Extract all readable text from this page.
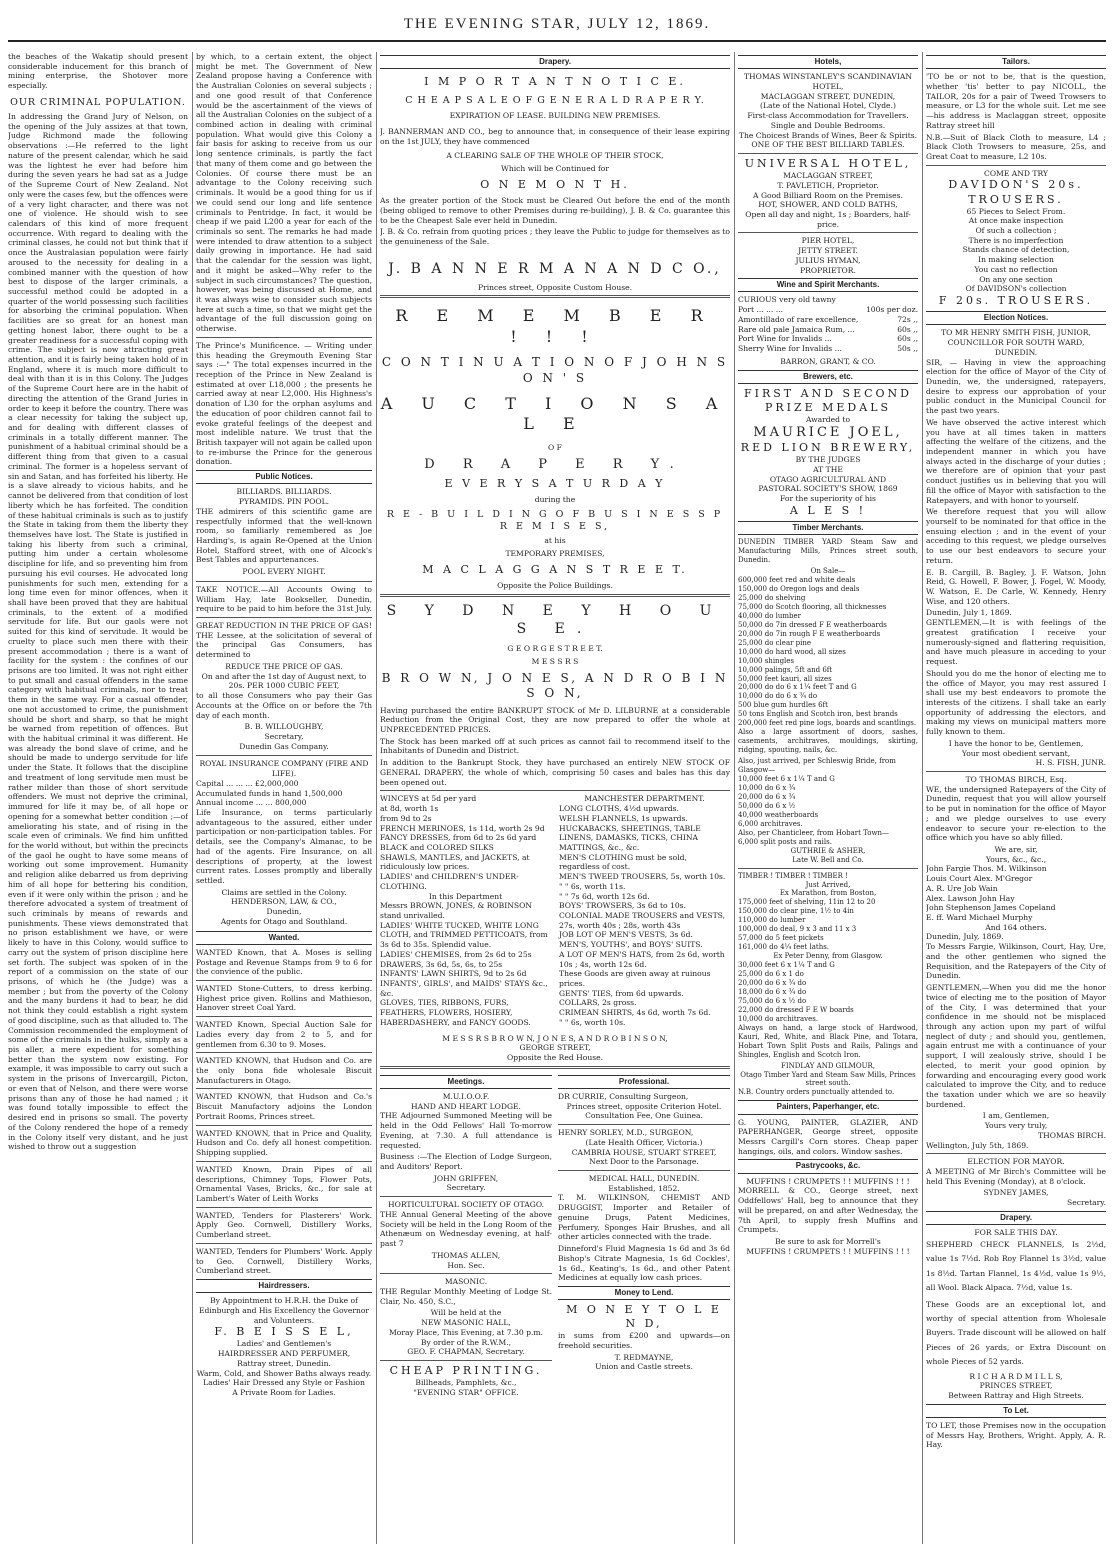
THE EVENING STAR, JULY 12, 1869.

the beaches of the Wakatip should present considerable inducement for this branch of mining enterprise, the Shotover more especially.

OUR CRIMINAL POPULATION.

In addressing the Grand Jury of Nelson, on the opening of the July assizes at that town, Judge Richmond made the following observations :—He referred to the light nature of the present calendar, which he said was the lightest he ever had before him during the seven years he had sat as a Judge of the Supreme Court of New Zealand. Not only were the cases few, but the offences were of a very light character, and there was not one of violence. He should wish to see calendars of this kind of more frequent occurrence. With regard to dealing with the criminal classes, he could not but think that if once the Australasian population were fairly aroused to the necessity for dealing in a combined manner with the question of how best to dispose of the larger criminals, a successful method could be adopted in a quarter of the world possessing such facilities for absorbing the criminal population. When facilities are so great for an honest man getting honest labor, there ought to be a greater readiness for a successful coping with crime. The subject is now attracting great attention, and it is fairly being taken hold of in England, where it is much more difficult to deal with than it is in this Colony. The Judges of the Supreme Court here are in the habit of directing the attention of the Grand Juries in order to keep it before the country. There was a clear necessity for taking the subject up, and for dealing with different classes of criminals in a totally different manner. The punishment of a habitual criminal should be a different thing from that given to a casual criminal. The former is a hopeless servant of sin and Satan, and has forfeited his liberty. He is a slave already to vicious habits, and he cannot be delivered from that condition of lost liberty which he has forfeited. The condition of these habitual criminals is such as to justify the State in taking from them the liberty they themselves have lost. The State is justified in taking his liberty from such a criminal, putting him under a certain wholesome discipline for life, and so preventing him from pursuing his evil courses. He advocated long punishments for such men, extending for a long time even for minor offences, when it shall have been proved that they are habitual criminals, to the extent of a modified servitude for life. But our gaols were not suited for this kind of servitude. It would be cruelty to place such men there with their present accommodation ; there is a want of facility for the system : the confines of our prisons are too limited. It was not right either to put small and casual offenders in the same category with habitual criminals, nor to treat them in the same way. For a casual offender, one not accustomed to crime, the punishment should be short and sharp, so that he might be warned from repetition of offences. But with the habitual criminal it was different. He was already the bond slave of crime, and he should be made to undergo servitude for life under the State. It follows that the discipline and treatment of long servitude men must be rather milder than those of short servitude offenders. We must not deprive the criminal, immured for life it may be, of all hope or opening for a somewhat better condition ;—of ameliorating his state, and of rising in the scale even of criminals. We find him unfitted for the world without, but within the precincts of the gaol he ought to have some means of working out some improvement. Humanity and religion alike debarred us from depriving him of all hope for bettering his condition, even if it were only within the prison ; and he therefore advocated a system of treatment of such criminals by means of rewards and punishments. These views demonstrated that no prison establishment we have, or were likely to have in this Colony, would suffice to carry out the system of prison discipline here set forth. The subject was spoken of in the report of a commission on the state of our prisons, of which he (the Judge) was a member ; but from the poverty of the Colony and the many burdens it had to bear, he did not think they could establish a right system of good discipline, such as that alluded to. The Commission recommended the employment of some of the criminals in the hulks, simply as a pis aller, a mere expedient for something better than the system now existing. For example, it was impossible to carry out such a system in the prisons of Invercargill, Picton, or even that of Nelson, and there were worse prisons than any of those he had named ; it was found totally impossible to effect the desired end in prisons so small. The poverty of the Colony rendered the hope of a remedy in the Colony itself very distant, and he just wished to throw out a suggestion

by which, to a certain extent, the object might be met. The Government of New Zealand propose having a Conference with the Australian Colonies on several subjects ; and one good result of that Conference would be the ascertainment of the views of all the Australian Colonies on the subject of a combined action in dealing with criminal population. What would give this Colony a fair basis for asking to receive from us our long sentence criminals, is partly the fact that many of them come and go between the Colonies. Of course there must be an advantage to the Colony receiving such criminals. It would be a good thing for us if we could send our long and life sentence criminals to Pentridge. In fact, it would be cheap if we paid L200 a year for each of the criminals so sent. The remarks he had made were intended to draw attention to a subject daily growing in importance. He had said that the calendar for the session was light, and it might be asked—Why refer to the subject in such circumstances? The question, however, was being discussed at Home, and it was always wise to consider such subjects here at such a time, so that we might get the advantage of the full discussion going on otherwise.

The Prince's Munificence. — Writing under this heading the Greymouth Evening Star says :—" The total expenses incurred in the reception of the Prince in New Zealand is estimated at over L18,000 ; the presents he carried away at near L2,000. His Highness's donation of L30 for the orphan asylums and the education of poor children cannot fail to evoke grateful feelings of the deepest and most indelible nature. We trust that the British taxpayer will not again be called upon to re-imburse the Prince for the generous donation.

Public Notices.
BILLIARDS. BILLIARDS.
PYRAMIDS. PIN POOL.

THE admirers of this scientific game are respectfully informed that the well-known room, so familiarly remembered as Joe Harding's, is again Re-Opened at the Union Hotel, Stafford street, with one of Alcock's Best Tables and appurtenances.

POOL EVERY NIGHT.

TAKE NOTICE.—All Accounts Owing to William Hay, late Bookseller, Dunedin, require to be paid to him before the 31st July.

GREAT REDUCTION IN THE PRICE OF GAS!

THE Lessee, at the solicitation of several of the principal Gas Consumers, has determined to

REDUCE THE PRICE OF GAS.
On and after the 1st day of August next, to
20s. PER 1000 CUBIC FEET,

to all those Consumers who pay their Gas Accounts at the Office on or before the 7th day of each month.

B. B. WILLOUGHBY,
Secretary,
Dunedin Gas Company.
ROYAL INSURANCE COMPANY (FIRE AND LIFE).
Capital ... ... ... £2,000,000
Accumulated funds in hand 1,500,000
Annual income ... ... 800,000

Life Insurance, on terms particularly advantageous to the assured, either under participation or non-participation tables. For details, see the Company's Almanac, to be had of the agents. Fire Insurance, on all descriptions of property, at the lowest current rates. Losses promptly and liberally settled.

Claims are settled in the Colony.
HENDERSON, LAW, & CO.,
Dunedin,
Agents for Otago and Southland.
Wanted.

WANTED Known, that A. Moses is selling Postage and Revenue Stamps from 9 to 6 for the convience of the public.

WANTED Stone-Cutters, to dress kerbing. Highest price given. Rollins and Mathieson, Hanover street Coal Yard.

WANTED Known, Special Auction Sale for Ladies every day from 2 to 5, and for gentlemen from 6.30 to 9. Moses.

WANTED KNOWN, that Hudson and Co. are the only bona fide wholesale Biscuit Manufacturers in Otago.

WANTED KNOWN, that Hudson and Co.'s Biscuit Manufactory adjoins the London Portrait Rooms, Princes street.

WANTED KNOWN, that in Price and Quality, Hudson and Co. defy all honest competition. Shipping supplied.

WANTED Known, Drain Pipes of all descriptions, Chimney Tops, Flower Pots, Ornamental Vases, Bricks, &c., for sale at Lambert's Water of Leith Works

WANTED, Tenders for Plasterers' Work. Apply Geo. Cornwell, Distillery Works, Cumberland street.

WANTED, Tenders for Plumbers' Work. Apply to Geo. Cornwell, Distillery Works, Cumberland street.

Hairdressers.
By Appointment to H.R.H. the Duke of Edinburgh and His Excellency the Governor and Volunteers.
F. B E I S S E L,
Ladies' and Gentlemen's
HAIRDRESSER AND PERFUMER,
Rattray street, Dunedin.
Warm, Cold, and Shower Baths always ready.
Ladies' Hair Dressed any Style or Fashion
A Private Room for Ladies.
Drapery.
I M P O R T A N T N O T I C E.
C H E A P S A L E O F G E N E R A L D R A P E R Y.
EXPIRATION OF LEASE. BUILDING NEW PREMISES.

J. BANNERMAN AND CO., beg to announce that, in consequence of their lease expiring on the 1st JULY, they have commenced

A CLEARING SALE OF THE WHOLE OF THEIR STOCK,
Which will be Continued for
O N E M O N T H.

As the greater portion of the Stock must be Cleared Out before the end of the month (being obliged to remove to other Premises during re-building), J. B. & Co. guarantee this to be the Cheapest Sale ever held in Dunedin.

J. B. & Co. refrain from quoting prices ; they leave the Public to judge for themselves as to the genuineness of the Sale.

J. B A N N E R M A N A N D C O.,
Princes street, Opposite Custom House.
R E M E M B E R ! ! !
C O N T I N U A T I O N O F J O H N S O N ' S
A U C T I O N S A L E
O F
D R A P E R Y.
E V E R Y S A T U R D A Y
during the
R E - B U I L D I N G O F B U S I N E S S P R E M I S E S,
at his
TEMPORARY PREMISES,
M A C L A G G A N S T R E E T.
Opposite the Police Buildings.
S Y D N E Y H O U S E.
G E O R G E S T R E E T.
M E S S R S
B R O W N, J O N E S, A N D R O B I N S O N,

Having purchased the entire BANKRUPT STOCK of Mr D. LILBURNE at a considerable Reduction from the Original Cost, they are now prepared to offer the whole at UNPRECEDENTED PRICES.

The Stock has been marked off at such prices as cannot fail to recommend itself to the Inhabitants of Dunedin and District.

In addition to the Bankrupt Stock, they have purchased an entirely NEW STOCK OF GENERAL DRAPERY, the whole of which, comprising 50 cases and bales has this day been opened out.

WINCEYS at 5d per yard
at 8d, worth 1s
from 9d to 2s
FRENCH MERINOES, 1s 11d, worth 2s 9d
FANCY DRESSES, from 6d to 2s 6d yard
BLACK and COLORED SILKS
SHAWLS, MANTLES, and JACKETS, at ridiculously low prices.
LADIES' and CHILDREN'S UNDER-CLOTHING.
In this Department
Messrs BROWN, JONES, & ROBINSON stand unrivalled.
LADIES' WHITE TUCKED, WHITE LONG CLOTH, and TRIMMED PETTICOATS, from 3s 6d to 35s. Splendid value.
LADIES' CHEMISES, from 2s 6d to 25s
DRAWERS, 3s 6d, 5s, 6s, to 25s
INFANTS' LAWN SHIRTS, 9d to 2s 6d
INFANTS', GIRLS', and MAIDS' STAYS &c., &c.
GLOVES, TIES, RIBBONS, FURS, FEATHERS, FLOWERS, HOSIERY, HABERDASHERY, and FANCY GOODS.
MANCHESTER DEPARTMENT.
LONG CLOTHS, 4½d upwards.
WELSH FLANNELS, 1s upwards.
HUCKABACKS, SHEETINGS, TABLE LINENS, DAMASKS, TICKS, CHINA MATTINGS, &c., &c.
MEN'S CLOTHING must be sold, regardless of cost.
MEN'S TWEED TROUSERS, 5s, worth 10s.
" " 6s, worth 11s.
" " 7s 6d, worth 12s 6d.
BOYS' TROWSERS, 3s 6d to 10s.
COLONIAL MADE TROUSERS and VESTS, 27s, worth 40s ; 28s, worth 43s
JOB LOT OF MEN'S VESTS, 3s 6d.
MEN'S, YOUTHS', and BOYS' SUITS.
A LOT OF MEN'S HATS, from 2s 6d, worth 10s ; 4s, worth 12s 6d.
These Goods are given away at ruinous prices.
GENTS' TIES, from 6d upwards.
COLLARS, 2s gross.
CRIMEAN SHIRTS, 4s 6d, worth 7s 6d.
" " 6s, worth 10s.
M E S S R S B R O W N, J O N E S, A N D R O B I N S O N,
GEORGE STREET,
Opposite the Red House.
Meetings.
M.U.I.O.O.F.
HAND AND HEART LODGE.

THE Adjourned Summoned Meeting will be held in the Odd Fellows' Hall To-morrow Evening, at 7.30. A full attendance is requested.

Business :—The Election of Lodge Surgeon, and Auditors' Report.

JOHN GRIFFEN,
Secretary.
HORTICULTURAL SOCIETY OF OTAGO.

THE Annual General Meeting of the above Society will be held in the Long Room of the Athenæum on Wednesday evening, at half-past 7

THOMAS ALLEN,
Hon. Sec.
MASONIC.

THE Regular Monthly Meeting of Lodge St. Clair, No. 450, S.C.,

Will be held at the
NEW MASONIC HALL,
Moray Place, This Evening, at 7.30 p.m.
By order of the R.W.M.,
GEO. F. CHAPMAN, Secretary.
CHEAP PRINTING.
Billheads, Pamphlets, &c.,
"EVENING STAR" OFFICE.
Professional.
DR CURRIE, Consulting Surgeon,
Princes street, opposite Criterion Hotel.
Consultation Fee, One Guinea.
HENRY SORLEY, M.D., SURGEON,
(Late Health Officer, Victoria.)
CAMBRIA HOUSE, STUART STREET,
Next Door to the Parsonage.
MEDICAL HALL, DUNEDIN.
Established, 1852.

T. M. WILKINSON, CHEMIST AND DRUGGIST, Importer and Retailer of genuine Drugs, Patent Medicines, Perfumery, Sponges Hair Brushes, and all other articles connected with the trade.

Dinneford's Fluid Magnesia 1s 6d and 3s 6d Bishop's Citrate Magnesia, 1s 6d Cockles', 1s 6d., Keating's, 1s 6d., and other Patent Medicines at equally low cash prices.

Money to Lend.
M O N E Y T O L E N D,

in sums from £200 and upwards—on freehold securities.

T. REDMAYNE,
Union and Castle streets.
Hotels,
THOMAS WINSTANLEY'S SCANDINAVIAN HOTEL,
MACLAGGAN STREET, DUNEDIN,
(Late of the National Hotel, Clyde.)
First-class Accommodation for Travellers. Single and Double Bedrooms.
The Choicest Brands of Wines, Beer & Spirits.
ONE OF THE BEST BILLIARD TABLES.
UNIVERSAL HOTEL,
MACLAGGAN STREET,
T. PAVLETICH, Proprietor.
A Good Billiard Room on the Premises.
HOT, SHOWER, AND COLD BATHS,
Open all day and night, 1s ; Boarders, half-price.
PIER HOTEL,
JETTY STREET.
JULIUS HYMAN,
PROPRIETOR.
Wine and Spirit Merchants.
CURIOUS very old tawny
Port ... ... ...	100s per doz.
Amontillado of rare excellence,	72s ,,
Rare old pale Jamaica Rum, ...	60s ,,
Port Wine for Invalids ...	60s ,,
Sherry Wine for Invalids ...	50s ,,
BARRON, GRANT, & CO.
Brewers, etc.
FIRST AND SECOND
PRIZE MEDALS
Awarded to
MAURICE JOEL,
RED LION BREWERY,
BY THE JUDGES
AT THE
OTAGO AGRICULTURAL AND
PASTORAL SOCIETY'S SHOW, 1869
For the superiority of his
A L E S !
Timber Merchants.

DUNEDIN TIMBER YARD Steam Saw and Manufacturing Mills, Princes street south, Dunedin.

On Sale—
600,000 feet red and white deals
150,000 do Oregon logs and deals
25,000 do shelving
75,000 do Scotch flooring, all thicknesses
40,000 do lumber
50,000 do 7in dressed F E weatherboards
20,000 do 7in rough F E weatherboards
25,000 do clear pine
10,000 do hard wood, all sizes
10,000 shingles
10,000 palings, 5ft and 6ft
50,000 feet kauri, all sizes
20,000 do do 6 x 1¼ feet T and G
10,000 do do 6 x ¾ do
500 blue gum hurdles 6ft
50 tons English and Scotch iron, best brands
200,000 feet red pine logs, boards and scantlings.

Also a large assortment of doors, sashes, casements, architraves, mouldings, skirting, ridging, spouting, nails, &c.

Also, just arrived, per Schleswig Bride, from Glasgow—
10,000 feet 6 x 1¼ T and G
10,000 do 6 x ¾
20,000 do 6 x ¾
50,000 do 6 x ½
40,000 weatherboards
6,000 architraves.
Also, per Chanticleer, from Hobart Town—
6,000 split posts and rails.
GUTHRIE & ASHER,
Late W. Bell and Co.
TIMBER ! TIMBER ! TIMBER !
Just Arrived,
Ex Marathon, from Boston,
175,000 feet of shelving, 11in 12 to 20
150,000 do clear pine, 1½ to 4in
110,000 do lumber
100,000 do deal, 9 x 3 and 11 x 3
57,000 do 5 feet pickets
161,000 do 4¼ feet laths.
Ex Peter Denny, from Glasgow.
30,000 feet 6 x 1¼ T and G
25,000 do 6 x 1 do
20,000 do 6 x ¾ do
18,000 do 6 x ¾ do
75,000 do 6 x ½ do
22,000 do dressed F E W boards
10,000 do architraves.

Always on hand, a large stock of Hardwood, Kauri, Red, White, and Black Pine, and Totara, Hobart Town Split Posts and Rails, Palings and Shingles, English and Scotch Iron.

FINDLAY AND GILMOUR,
Otago Timber Yard and Steam Saw Mills, Princes street south.
N.B. Country orders punctually attended to.
Painters, Paperhanger, etc.

G. YOUNG, PAINTER, GLAZIER, AND PAPERHANGER, George street, opposite Messrs Cargill's Corn stores. Cheap paper hangings, oils, and colors. Window sashes.

Pastrycooks, &c.
MUFFINS ! CRUMPETS ! ! MUFFINS ! ! !

MORRELL & CO., George street, next Oddfellows' Hall, beg to announce that they will be prepared, on and after Wednesday, the 7th April, to supply fresh Muffins and Crumpets.

Be sure to ask for Morrell's
MUFFINS ! CRUMPETS ! ! MUFFINS ! ! !
Tailors.

'TO be or not to be, that is the question, whether 'tis' better to pay NICOLL, the TAILOR, 20s for a pair of Tweed Trowsers to measure, or L3 for the whole suit. Let me see—his address is Maclaggan street, opposite Rattray street hill

N.B.—Suit of Black Cloth to measure, L4 ; Black Cloth Trowsers to measure, 25s, and Great Coat to measure, L2 10s.

COME AND TRY
DAVIDON'S 20s. TROUSERS.
65 Pieces to Select From.
At once make inspection
Of such a collection ;
There is no imperfection
Stands chance of detection,
In making selection
You cast no reflection
On any one section
Of DAVIDSON's collection
F 20s. TROUSERS.
Election Notices.
TO MR HENRY SMITH FISH, JUNIOR, COUNCILLOR FOR SOUTH WARD, DUNEDIN.

SIR, — Having in view the approaching election for the office of Mayor of the City of Dunedin, we, the undersigned, ratepayers, desire to express our approbation of your public conduct in the Municipal Council for the past two years.

We have observed the active interest which you have at all times taken in matters affecting the welfare of the citizens, and the independent manner in which you have always acted in the discharge of your duties ; we therefore are of opinion that your past conduct justifies us in believing that you will fill the office of Mayor with satisfaction to the Ratepayers, and with honor to yourself.

We therefore request that you will allow yourself to be nominated for that office in the ensuing election ; and in the event of your acceding to this request, we pledge ourselves to use our best endeavors to secure your return.

E. B. Cargill, B. Bagley, J. F. Watson, John Reid, G. Howell, F. Bower, J. Fogel, W. Moody, W. Watson, E. De Carle, W. Kennedy, Henry Wise, and 120 others.

Dunedin, July 1, 1869.

GENTLEMEN,—It is with feelings of the greatest gratification I receive your numerously-signed and flattering requisition, and have much pleasure in acceding to your request.

Should you do me the honor of electing me to the office of Mayor, you may rest assured I shall use my best endeavors to promote the interests of the citizens. I shall take an early opportunity of addressing the electors, and making my views on municipal matters more fully known to them.

I have the honor to be, Gentlemen,
Your most obedient servant,
H. S. FISH, JUNR.
TO THOMAS BIRCH, Esq.

WE, the undersigned Ratepayers of the City of Dunedin, request that you will allow yourself to be put in nomination for the office of Mayor ; and we pledge ourselves to use every endeavor to secure your re-election to the office which you have so ably filled.

We are, sir,
Yours, &c., &c.,
John Fargie Thos. M. Wilkinson
Louis Court Alex. M'Gregor
A. R. Ure Job Wain
Alex. Lawson John Hay
John Stephenson James Copeland
E. ff. Ward Michael Murphy
And 164 others.
Dunedin, July, 1869.

To Messrs Fargie, Wilkinson, Court, Hay, Ure, and the other gentlemen who signed the Requisition, and the Ratepayers of the City of Dunedin.

GENTLEMEN,—When you did me the honor twice of electing me to the position of Mayor of the City, I was determined that your confidence in me should not be misplaced through any action upon my part of wilful neglect of duty ; and should you, gentlemen, again entrust me with a continuance of your support, I will zealously strive, should I be elected, to merit your good opinion by forwarding and encouraging every good work calculated to improve the City, and to reduce the taxation under which we are so heavily burdened.

I am, Gentlemen,
Yours very truly,
THOMAS BIRCH.
Wellington, July 5th, 1869.
ELECTION FOR MAYOR.

A MEETING of Mr Birch's Committee will be held This Evening (Monday), at 8 o'clock.

SYDNEY JAMES,
Secretary.
Drapery.
FOR SALE THIS DAY.

SHEPHERD CHECK FLANNELS, Is 2½d, value 1s 7½d. Rob Roy Flannel 1s 3½d, value 1s 8½d. Tartan Flannel, 1s 4½d, value 1s 9½, all Wool. Black Alpaca. 7½d, value 1s.

These Goods are an exceptional lot, and worthy of special attention from Wholesale Buyers. Trade discount will be allowed on half Pieces of 26 yards, or Extra Discount on whole Pieces of 52 yards.

R I C H A R D M I L L S,
PRINCES STREET,
Between Rattray and High Streets.
To Let.

TO LET, those Premises now in the occupation of Messrs Hay, Brothers, Wright. Apply, A. R. Hay.
